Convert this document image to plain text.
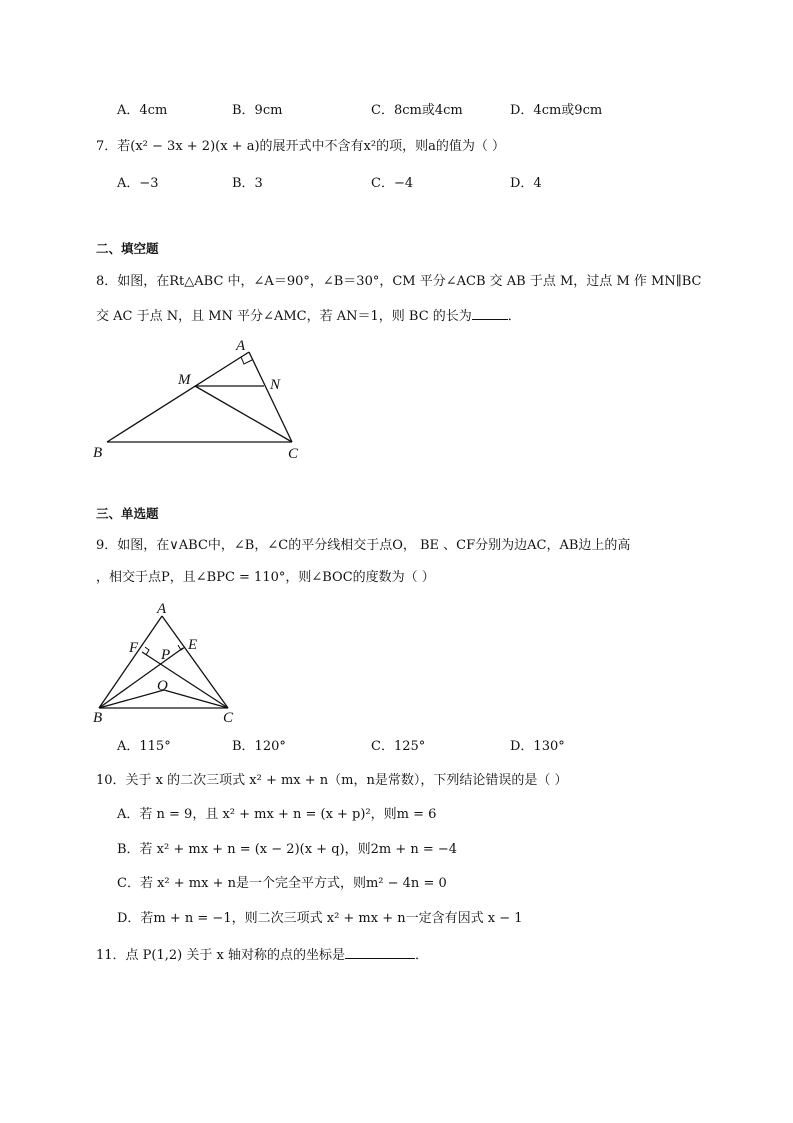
A．4cm	B．9cm	C．8cm或4cm	D．4cm或9cm
7．若(x² − 3x + 2)(x + a)的展开式中不含有x²的项，则a的值为（ ）
A．−3	B．3	C．−4	D．4
二、填空题
8．如图，在Rt△ABC 中，∠A＝90°，∠B＝30°，CM 平分∠ACB 交 AB 于点 M，过点 M 作 MN∥BC
交 AC 于点 N，且 MN 平分∠AMC，若 AN＝1，则 BC 的长为	．
A
M	N
B	C
三、单选题
9．如图，在∨ABC中，∠B，∠C的平分线相交于点O， BE 、CF分别为边AC，AB边上的高
，相交于点P，且∠BPC = 110°，则∠BOC的度数为（ ）
A
F	E
P
O
B	C
A．115°	B．120°	C．125°	D．130°
10．关于 x 的二次三项式 x² + mx + n（m，n是常数），下列结论错误的是（ ）
A．若 n = 9，且 x² + mx + n = (x + p)²，则m = 6
B．若 x² + mx + n = (x − 2)(x + q)，则2m + n = −4
C．若 x² + mx + n是一个完全平方式，则m² − 4n = 0
D．若m + n = −1，则二次三项式 x² + mx + n一定含有因式 x − 1
11．点 P(1,2) 关于 x 轴对称的点的坐标是	．
